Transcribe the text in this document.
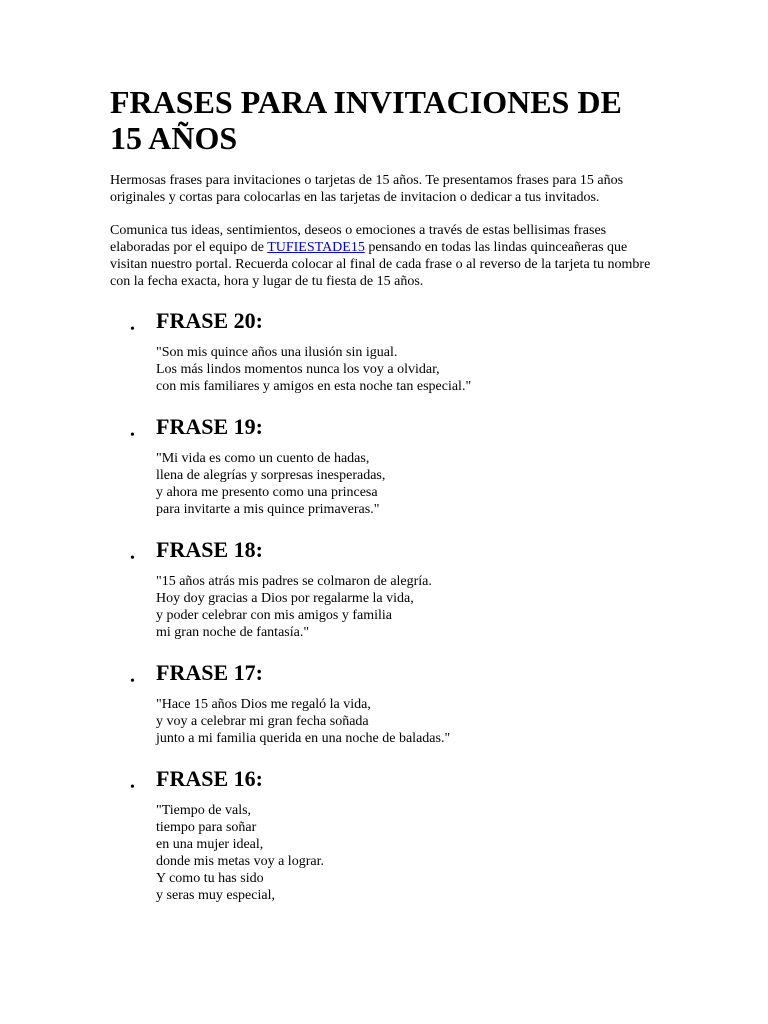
FRASES PARA INVITACIONES DE 15 AÑOS

Hermosas frases para invitaciones o tarjetas de 15 años. Te presentamos frases para 15 años originales y cortas para colocarlas en las tarjetas de invitacion o dedicar a tus invitados.

Comunica tus ideas, sentimientos, deseos o emociones a través de estas bellisimas frases elaboradas por el equipo de TUFIESTADE15 pensando en todas las lindas quinceañeras que visitan nuestro portal. Recuerda colocar al final de cada frase o al reverso de la tarjeta tu nombre con la fecha exacta, hora y lugar de tu fiesta de 15 años.

• FRASE 20:
"Son mis quince años una ilusión sin igual.
Los más lindos momentos nunca los voy a olvidar,
con mis familiares y amigos en esta noche tan especial."
• FRASE 19:
"Mi vida es como un cuento de hadas,
llena de alegrías y sorpresas inesperadas,
y ahora me presento como una princesa
para invitarte a mis quince primaveras."
• FRASE 18:
"15 años atrás mis padres se colmaron de alegría.
Hoy doy gracias a Dios por regalarme la vida,
y poder celebrar con mis amigos y familia
mi gran noche de fantasía."
• FRASE 17:
"Hace 15 años Dios me regaló la vida,
y voy a celebrar mi gran fecha soñada
junto a mi familia querida en una noche de baladas."
• FRASE 16:
"Tiempo de vals,
tiempo para soñar
en una mujer ideal,
donde mis metas voy a lograr.
Y como tu has sido
y seras muy especial,
